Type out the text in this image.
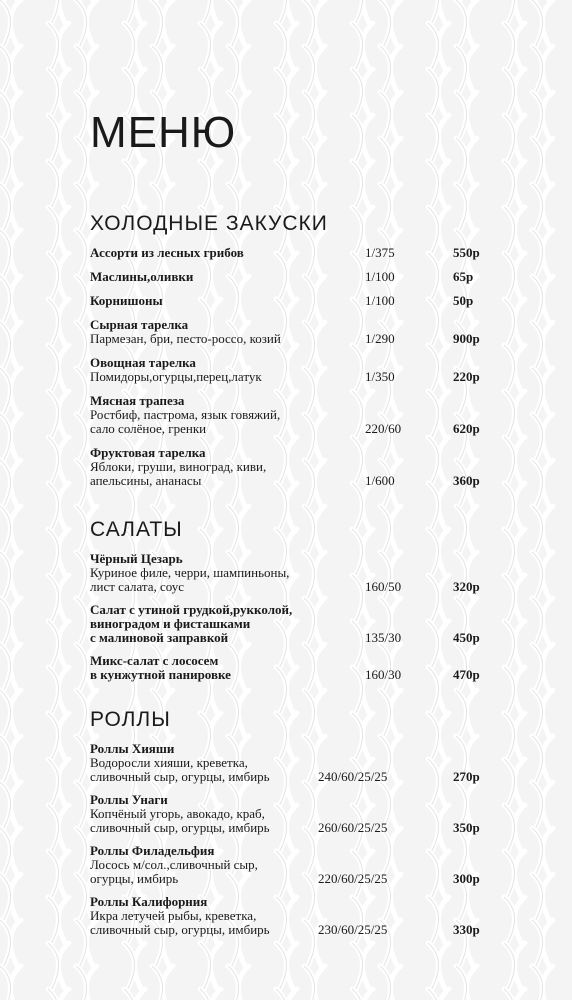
МЕНЮ
ХОЛОДНЫЕ ЗАКУСКИ
Ассорти из лесных грибов	1/375	550р
Маслины,оливки	1/100	65р
Корнишоны	1/100	50р
Сырная тарелка
Пармезан, бри, песто-россо, козий	1/290	900р
Овощная тарелка
Помидоры,огурцы,перец,латук	1/350	220р
Мясная трапеза
Ростбиф, пастрома, язык говяжий,
сало солёное, гренки	220/60	620р
Фруктовая тарелка
Яблоки, груши, виноград, киви,
апельсины, ананасы	1/600	360р
САЛАТЫ
Чёрный Цезарь
Куриное филе, черри, шампиньоны,
лист салата, соус	160/50	320р
Салат с утиной грудкой,рукколой,
виноградом и фисташками
с малиновой заправкой	135/30	450р
Микс-салат с лососем
в кунжутной панировке	160/30	470р
РОЛЛЫ
Роллы Хияши
Водоросли хияши, креветка,
сливочный сыр, огурцы, имбирь	240/60/25/25	270р
Роллы Унаги
Копчёный угорь, авокадо, краб,
сливочный сыр, огурцы, имбирь	260/60/25/25	350р
Роллы Филадельфия
Лосось м/сол.,сливочный сыр,
огурцы, имбирь	220/60/25/25	300р
Роллы Калифорния
Икра летучей рыбы, креветка,
сливочный сыр, огурцы, имбирь	230/60/25/25	330р
